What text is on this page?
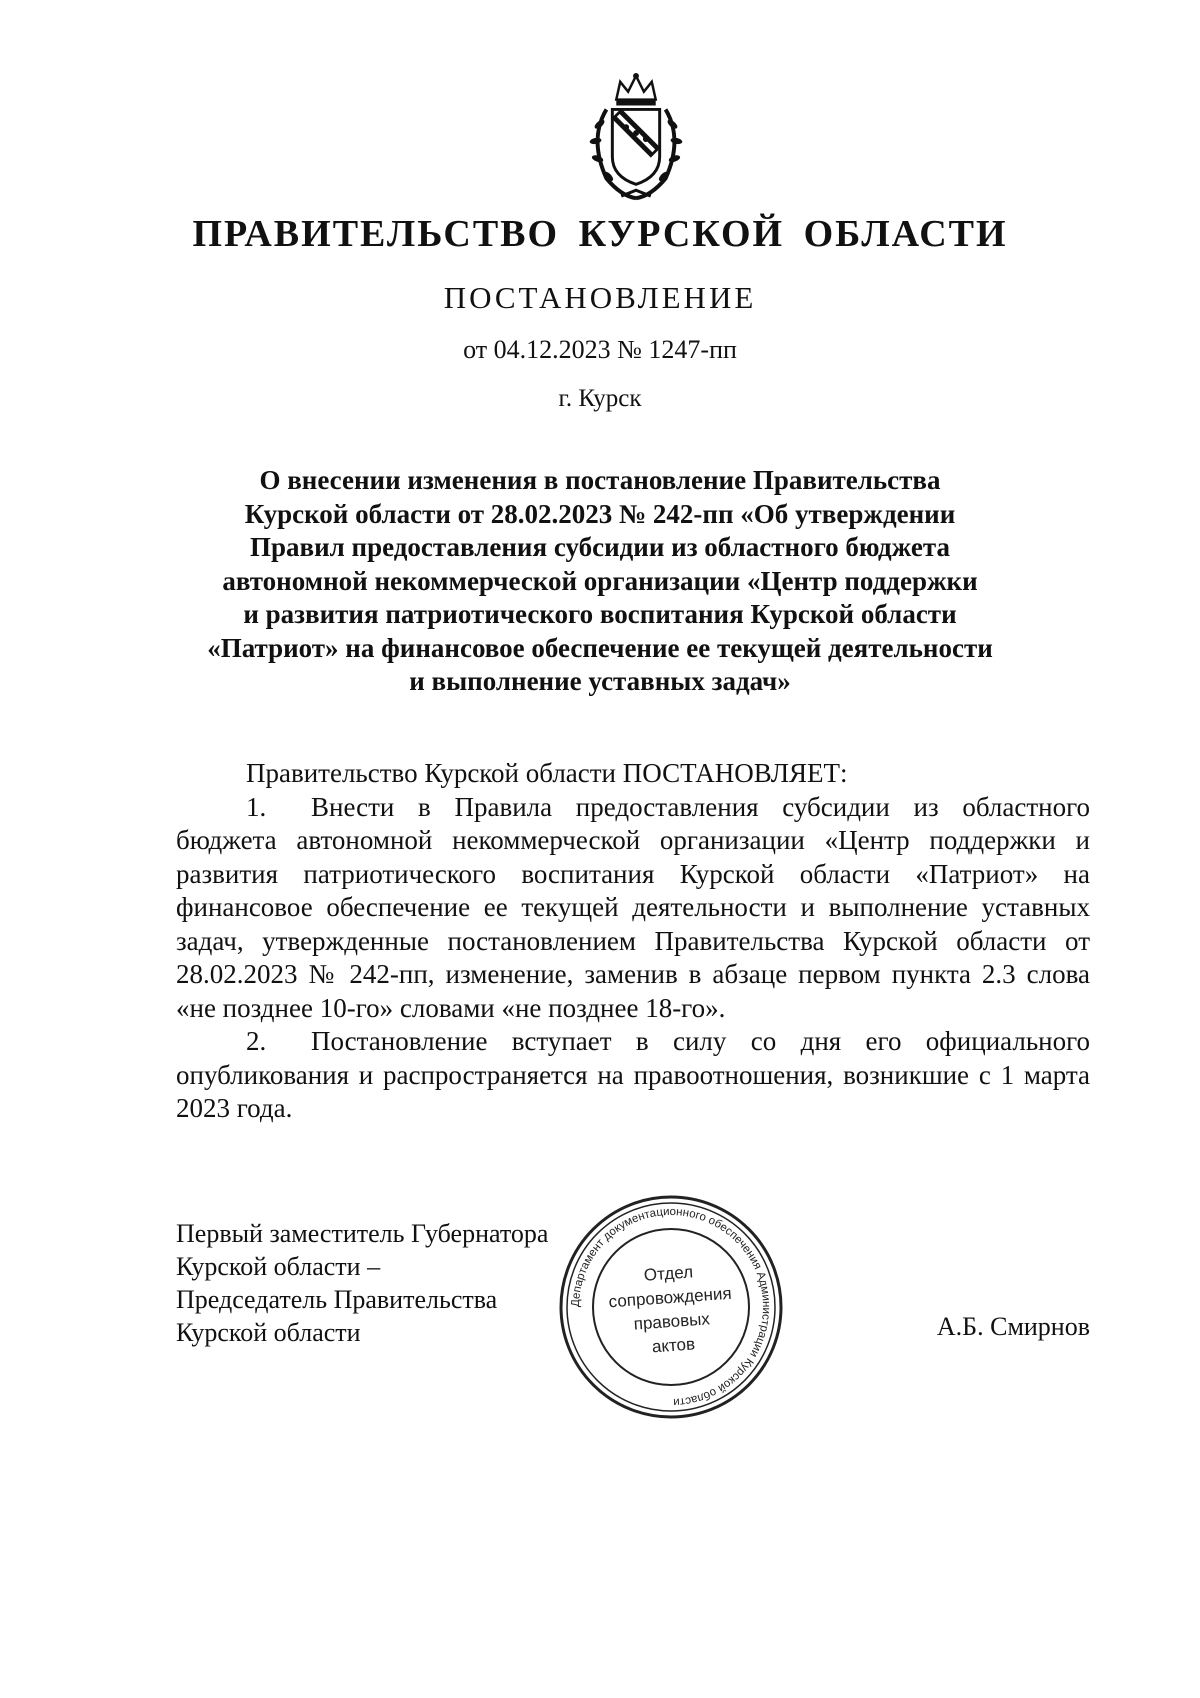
ПРАВИТЕЛЬСТВО КУРСКОЙ ОБЛАСТИ
ПОСТАНОВЛЕНИЕ
от 04.12.2023 № 1247-пп
г. Курск
О внесении изменения в постановление Правительства
Курской области от 28.02.2023 № 242-пп «Об утверждении
Правил предоставления субсидии из областного бюджета
автономной некоммерческой организации «Центр поддержки
и развития патриотического воспитания Курской области
«Патриот» на финансовое обеспечение ее текущей деятельности
и выполнение уставных задач»
Правительство Курской области ПОСТАНОВЛЯЕТ:
1. Внести в Правила предоставления субсидии из областного бюджета автономной некоммерческой организации «Центр поддержки и развития патриотического воспитания Курской области «Патриот» на финансовое обеспечение ее текущей деятельности и выполнение уставных задач, утвержденные постановлением Правительства Курской области от 28.02.2023 № 242-пп, изменение, заменив в абзаце первом пункта 2.3 слова «не позднее 10-го» словами «не позднее 18-го».
2. Постановление вступает в силу со дня его официального опубликования и распространяется на правоотношения, возникшие с 1 марта 2023 года.
Первый заместитель Губернатора
Курской области –
Председатель Правительства
Курской области
Департамент документационного обеспечения Администрации Курской области
Отдел
сопровождения
правовых
актов
А.Б. Смирнов
